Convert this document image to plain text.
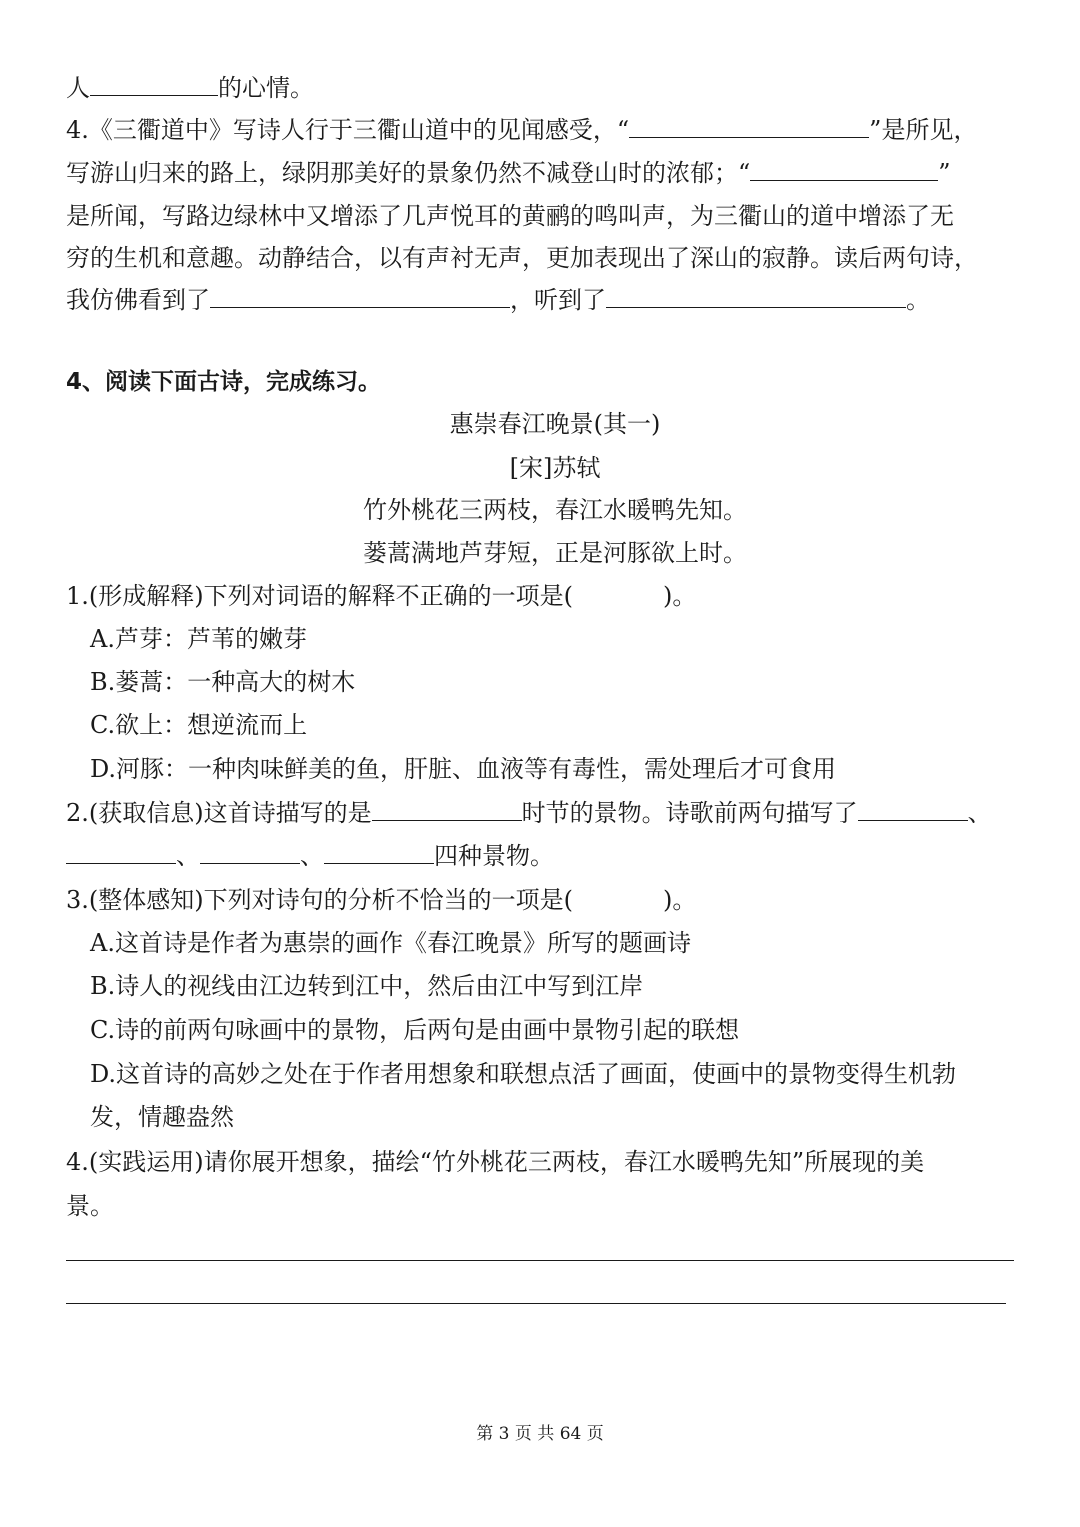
人	的心情。
4.《三衢道中》写诗人行于三衢山道中的见闻感受，“	”是所见，
写游山归来的路上，绿阴那美好的景象仍然不减登山时的浓郁；“	”
是所闻，写路边绿林中又增添了几声悦耳的黄鹂的鸣叫声，为三衢山的道中增添了无
穷的生机和意趣。动静结合，以有声衬无声，更加表现出了深山的寂静。读后两句诗，
我仿佛看到了	，听到了	。
4、阅读下面古诗，完成练习。
惠崇春江晚景(其一)
[宋]苏轼
竹外桃花三两枝，春江水暖鸭先知。
蒌蒿满地芦芽短，正是河豚欲上时。
1.(形成解释)下列对词语的解释不正确的一项是(	)。
A.芦芽：芦苇的嫩芽
B.蒌蒿：一种高大的树木
C.欲上：想逆流而上
D.河豚：一种肉味鲜美的鱼，肝脏、血液等有毒性，需处理后才可食用
2.(获取信息)这首诗描写的是	时节的景物。诗歌前两句描写了	、
、	、	四种景物。
3.(整体感知)下列对诗句的分析不恰当的一项是(	)。
A.这首诗是作者为惠崇的画作《春江晚景》所写的题画诗
B.诗人的视线由江边转到江中，然后由江中写到江岸
C.诗的前两句咏画中的景物，后两句是由画中景物引起的联想
D.这首诗的高妙之处在于作者用想象和联想点活了画面，使画中的景物变得生机勃
发，情趣盎然
4.(实践运用)请你展开想象，描绘“竹外桃花三两枝，春江水暖鸭先知”所展现的美
景。
第 3 页 共 64 页
